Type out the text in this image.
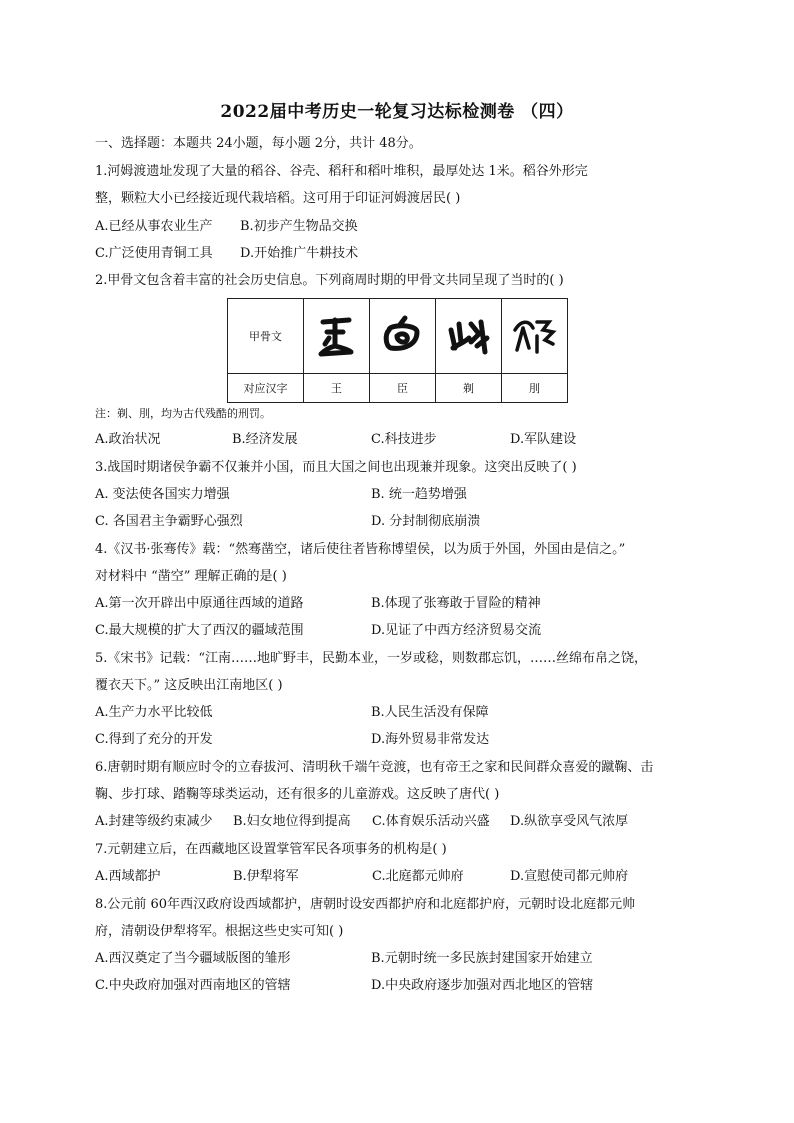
2022届中考历史一轮复习达标检测卷 （四）
一、选择题：本题共 24小题，每小题 2分，共计 48分。
1.河姆渡遗址发现了大量的稻谷、谷壳、稻秆和稻叶堆积，最厚处达 1米。稻谷外形完
整，颗粒大小已经接近现代栽培稻。这可用于印证河姆渡居民( )
A.已经从事农业生产 B.初步产生物品交换
C.广泛使用青铜工具 D.开始推广牛耕技术
2.甲骨文包含着丰富的社会历史信息。下列商周时期的甲骨文共同呈现了当时的( )
甲骨文				
对应汉字	王	臣	剃	刖
注：剃、刖，均为古代残酷的刑罚。
A.政治状况	B.经济发展	C.科技进步	D.军队建设
3.战国时期诸侯争霸不仅兼并小国，而且大国之间也出现兼并现象。这突出反映了( )
A. 变法使各国实力增强	B. 统一趋势增强
C. 各国君主争霸野心强烈	D. 分封制彻底崩溃
4.《汉书·张骞传》载：“然骞凿空，诸后使往者皆称博望侯，以为质于外国，外国由是信之。”
对材料中 “凿空” 理解正确的是( )
A.第一次开辟出中原通往西域的道路	B.体现了张骞敢于冒险的精神
C.最大规模的扩大了西汉的疆域范围	D.见证了中西方经济贸易交流
5.《宋书》记载：“江南……地旷野丰，民勤本业，一岁或稔，则数郡忘饥，……丝绵布帛之饶，
覆衣天下。” 这反映出江南地区( )
A.生产力水平比较低	B.人民生活没有保障
C.得到了充分的开发	D.海外贸易非常发达
6.唐朝时期有顺应时令的立春拔河、清明秋千端午竞渡，也有帝王之家和民间群众喜爱的蹴鞠、击
鞠、步打球、踏鞠等球类运动，还有很多的儿童游戏。这反映了唐代( )
A.封建等级约束减少 B.妇女地位得到提高 C.体育娱乐活动兴盛 D.纵欲享受风气浓厚
7.元朝建立后，在西藏地区设置掌管军民各项事务的机构是( )
A.西域都护	B.伊犁将军	C.北庭都元帅府	D.宣慰使司都元帅府
8.公元前 60年西汉政府设西域都护，唐朝时设安西都护府和北庭都护府，元朝时设北庭都元帅
府，清朝设伊犁将军。根据这些史实可知( )
A.西汉奠定了当今疆域版图的雏形	B.元朝时统一多民族封建国家开始建立
C.中央政府加强对西南地区的管辖	D.中央政府逐步加强对西北地区的管辖
